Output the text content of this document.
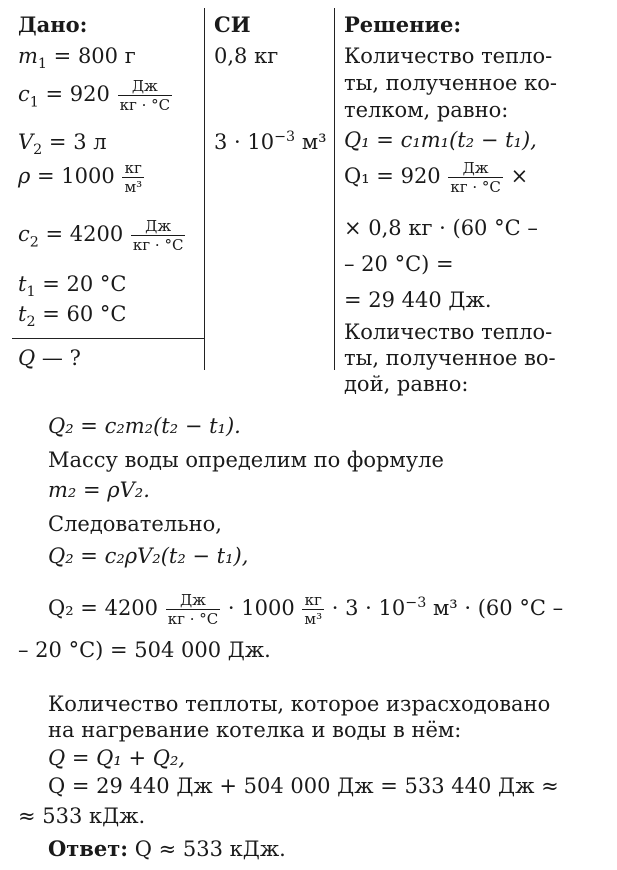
Дано:	СИ	Решение:
$m_1 = 800$ г
$c_1 = 920 \frac{Дж}{кг \cdot ^\circ С}$
$V_2 = 3$ л
$\rho = 1000 \frac{кг}{\text{м³}}$
$c_2 = 4200 \frac{Дж}{кг \cdot ^\circ С}$
$t_1 = 20$ °С
$t_2 = 60$ °С
Q — ?
0,8 кг
$3 \cdot 10^{-3}$ м³
Количество тепло-
ты, полученное ко-
телком, равно:
Q₁ = c₁m₁(t₂ − t₁),
$Q_1 = 920 \frac{Дж}{кг \cdot ^\circ С}$ ×
× 0,8 кг · (60 °С –
– 20 °С) =
= 29 440 Дж.
Количество тепло-
ты, полученное во-
дой, равно:
Q₂ = c₂m₂(t₂ − t₁).
Массу воды определим по формуле
m₂ = ρV₂.
Следовательно,
Q₂ = c₂ρV₂(t₂ − t₁),
$Q_2 = 4200 \frac{Дж}{кг \cdot ^\circ С} \cdot 1000 \frac{кг}{\text{м³}} \cdot 3 \cdot 10^{-3}$ м³ · (60 °С –
– 20 °С) = 504 000 Дж.
Количество теплоты, которое израсходовано
на нагревание котелка и воды в нём:
Q = Q₁ + Q₂,
Q = 29 440 Дж + 504 000 Дж = 533 440 Дж ≈
≈ 533 кДж.
Ответ: Q ≈ 533 кДж.
